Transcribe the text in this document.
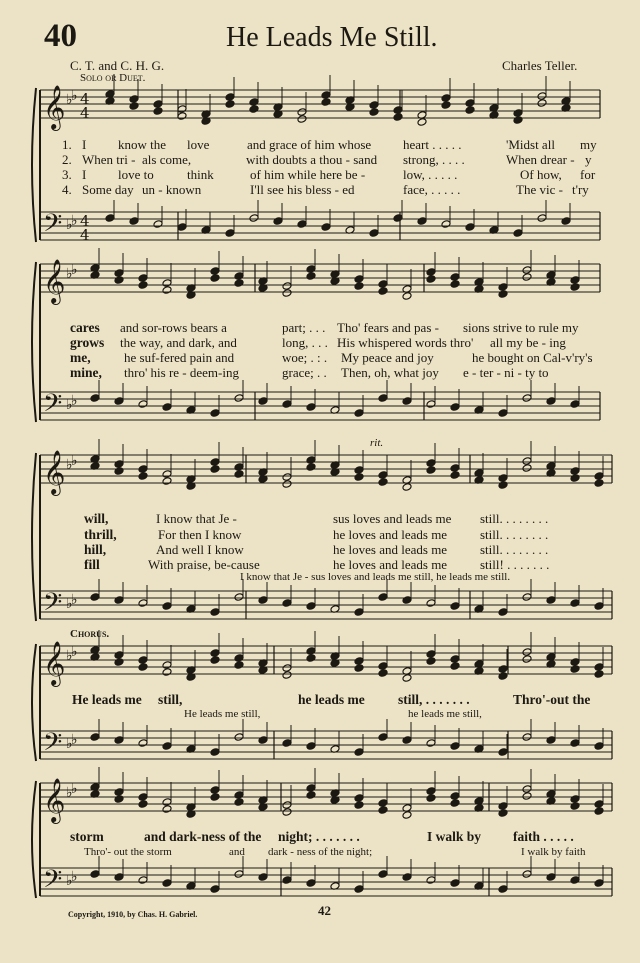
𝄞
𝄢
♭
♭
♭
♭
4
4
4
4
𝄞
𝄢
♭
♭
♭
♭
𝄞
𝄢
♭
♭
♭
♭
𝄞
𝄢
♭
♭
♭
♭
𝄞
𝄢
♭
♭
♭
♭
40	He Leads Me Still.
C. T. and C. H. G.	Charles Teller.
Solo or Duet.
1. I know the love	and grace of him whose heart . . . . .	'Midst all my
2. When tri - als come,	with doubts a thou - sand strong, . . . .	When drear - y
3. I love to	think	of him while here be -	low, . . . . .	Of how, for
4. Some day un - known	I'll see his bless - ed	face, . . . . .	The vic - t'ry
cares and sor-rows bears a	part; . . . Tho' fears and pas - sions strive to rule my
grows the way, and dark, and	long, . . . His whispered words thro' all my be - ing
me,	he suf-fered pain and	woe; . : . My peace and joy	he bought on Cal-v'ry's
mine, thro' his re - deem-ing	grace; . . Then, oh, what joy e - ter - ni - ty to
rit.
will,	I know that Je -	sus loves and leads me still. . . . . . . .
thrill,	For then I know	he loves and leads me	still. . . . . . . .
hill,	And well I know	he loves and leads me	still. . . . . . . .
fill	With praise, be-cause	he loves and leads me	still! . . . . . . .
I know that Je - sus loves and leads me still, he leads me still.
Chorus.
He leads me still,	he leads me still, . . . . . . .	Thro'-out the
He leads me still,	he leads me still,
storm	and dark-ness of the night; . . . . . . .	I walk by faith . . . . .
Thro'- out the storm	and dark - ness of the night;	I walk by faith
Copyright, 1910, by Chas. H. Gabriel.	42
